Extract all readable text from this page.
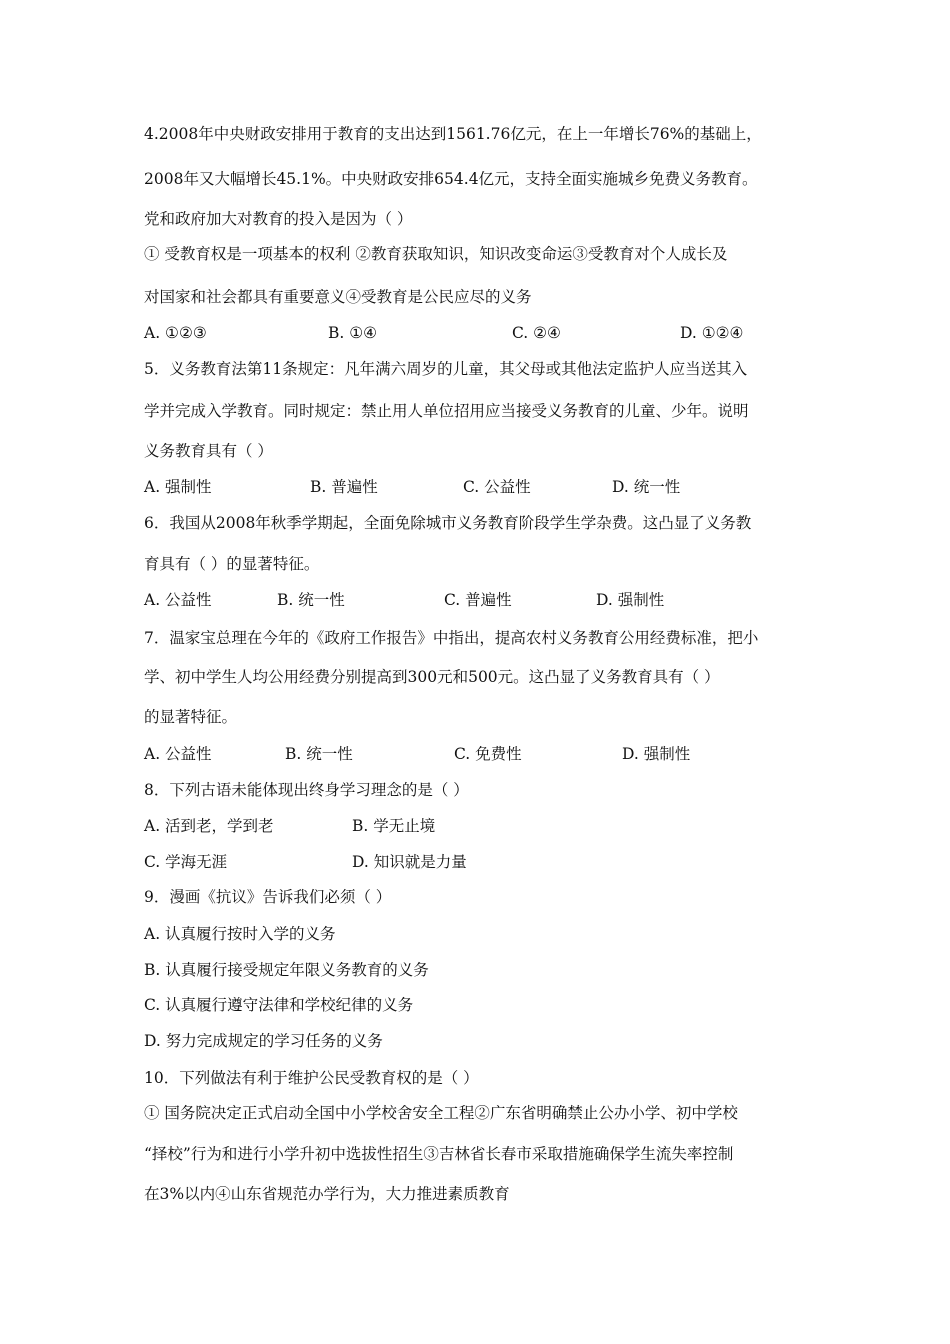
4.2008年中央财政安排用于教育的支出达到1561.76亿元，在上一年增长76%的基础上，
2008年又大幅增长45.1%。中央财政安排654.4亿元，支持全面实施城乡免费义务教育。
党和政府加大对教育的投入是因为（ ）
① 受教育权是一项基本的权利 ②教育获取知识，知识改变命运③受教育对个人成长及
对国家和社会都具有重要意义④受教育是公民应尽的义务
A. ①②③	B. ①④	C. ②④	D. ①②④
5．义务教育法第11条规定：凡年满六周岁的儿童，其父母或其他法定监护人应当送其入
学并完成入学教育。同时规定：禁止用人单位招用应当接受义务教育的儿童、少年。说明
义务教育具有（ ）
A. 强制性	B. 普遍性	C. 公益性	D. 统一性
6．我国从2008年秋季学期起，全面免除城市义务教育阶段学生学杂费。这凸显了义务教
育具有（ ）的显著特征。
A. 公益性	B. 统一性	C. 普遍性	D. 强制性
7．温家宝总理在今年的《政府工作报告》中指出，提高农村义务教育公用经费标准，把小
学、初中学生人均公用经费分别提高到300元和500元。这凸显了义务教育具有（ ）
的显著特征。
A. 公益性	B. 统一性	C. 免费性	D. 强制性
8．下列古语未能体现出终身学习理念的是（ ）
A. 活到老，学到老	B. 学无止境
C. 学海无涯	D. 知识就是力量
9．漫画《抗议》告诉我们必须（ ）
A. 认真履行按时入学的义务
B. 认真履行接受规定年限义务教育的义务
C. 认真履行遵守法律和学校纪律的义务
D. 努力完成规定的学习任务的义务
10．下列做法有利于维护公民受教育权的是（ ）
① 国务院决定正式启动全国中小学校舍安全工程②广东省明确禁止公办小学、初中学校
“择校”行为和进行小学升初中选拔性招生③吉林省长春市采取措施确保学生流失率控制
在3%以内④山东省规范办学行为，大力推进素质教育
